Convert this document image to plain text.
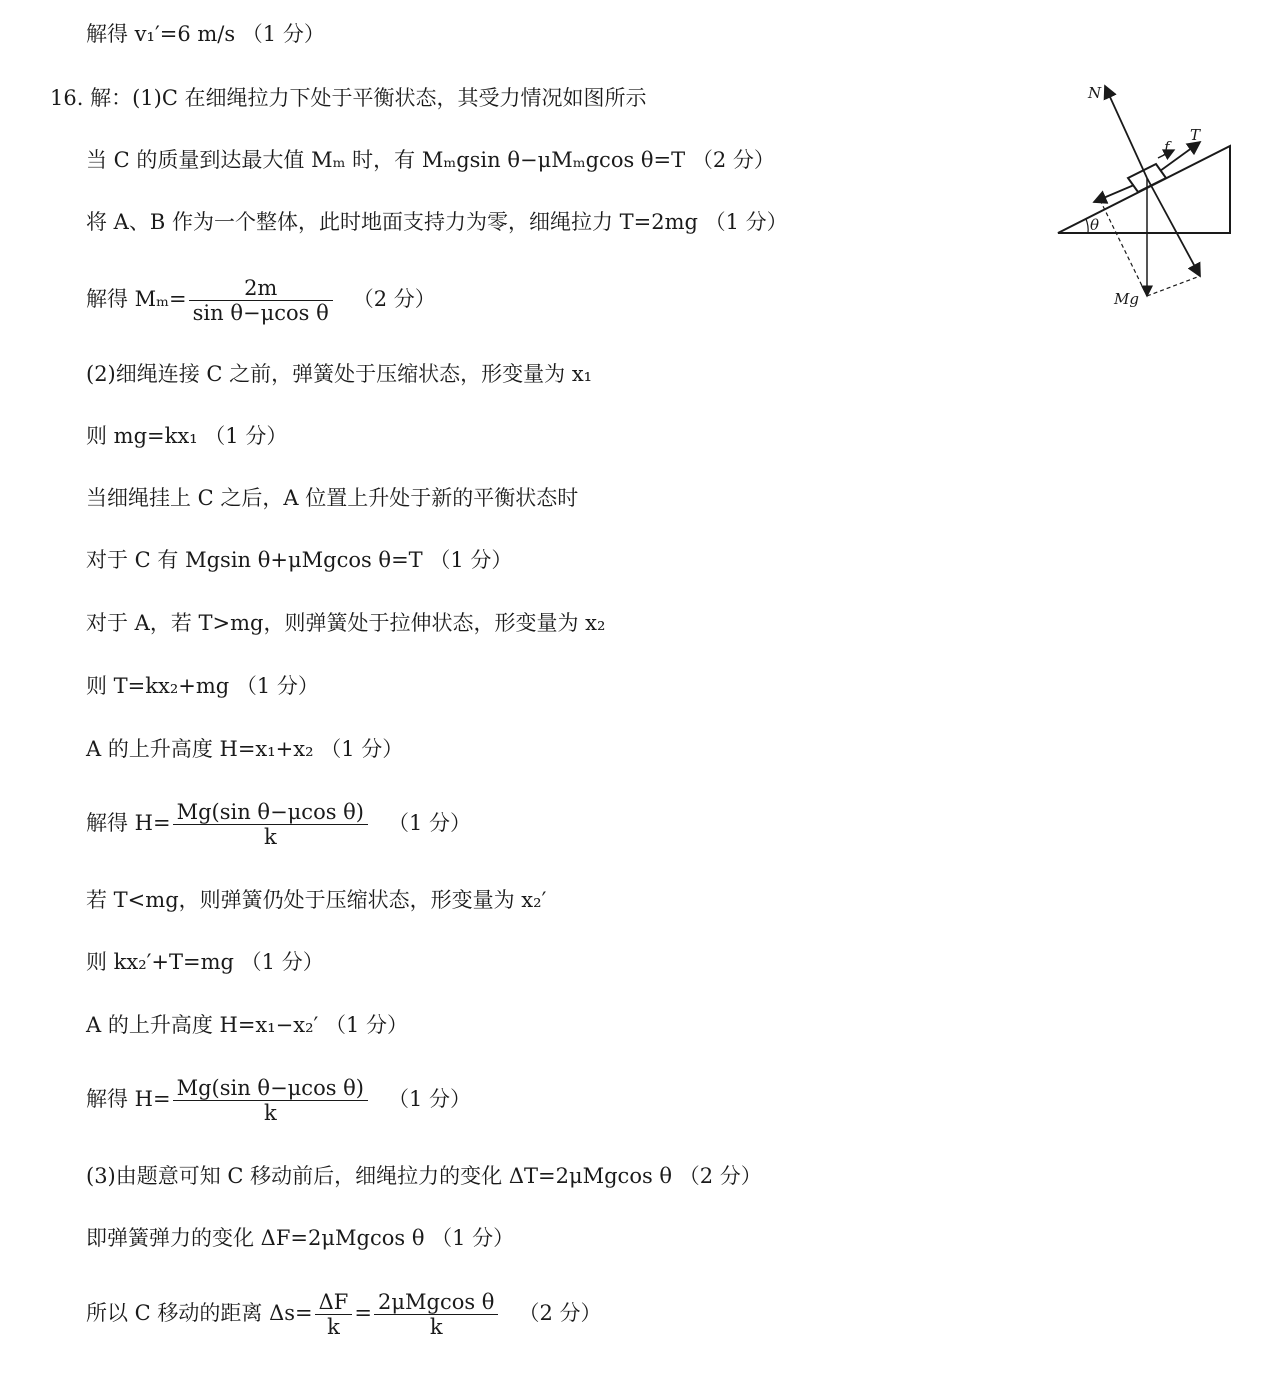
解得 v₁′=6 m/s （1 分）
16. 解：(1)C 在细绳拉力下处于平衡状态，其受力情况如图所示
当 C 的质量到达最大值 Mₘ 时，有 Mₘgsin θ−μMₘgcos θ=T （2 分）
将 A、B 作为一个整体，此时地面支持力为零，细绳拉力 T=2mg （1 分）
解得 $M_m= \frac{2m}{\text{sin θ−μcos θ}} (2$ 分）
(2)细绳连接 C 之前，弹簧处于压缩状态，形变量为 x₁
则 mg=kx₁ （1 分）
当细绳挂上 C 之后，A 位置上升处于新的平衡状态时
对于 C 有 Mgsin θ+μMgcos θ=T （1 分）
对于 A，若 T>mg，则弹簧处于拉伸状态，形变量为 x₂
则 T=kx₂+mg （1 分）
A 的上升高度 H=x₁+x₂ （1 分）
解得 $H= \frac{\text{Mg(sin θ−μcos θ)}}{k} (1$ 分）
若 T<mg，则弹簧仍处于压缩状态，形变量为 x₂′
则 kx₂′+T=mg （1 分）
A 的上升高度 H=x₁−x₂′ （1 分）
解得 $H= \frac{\text{Mg(sin θ−μcos θ)}}{k} (1$ 分）
(3)由题意可知 C 移动前后，细绳拉力的变化 ΔT=2μMgcos θ （2 分）
即弹簧弹力的变化 ΔF=2μMgcos θ （1 分）
所以 C 移动的距离 $\Delta s= \frac{\Delta F}{k} = \frac{\text{2μMgcos θ}}{k} (2$ 分）
N
f
T
θ
Mg
